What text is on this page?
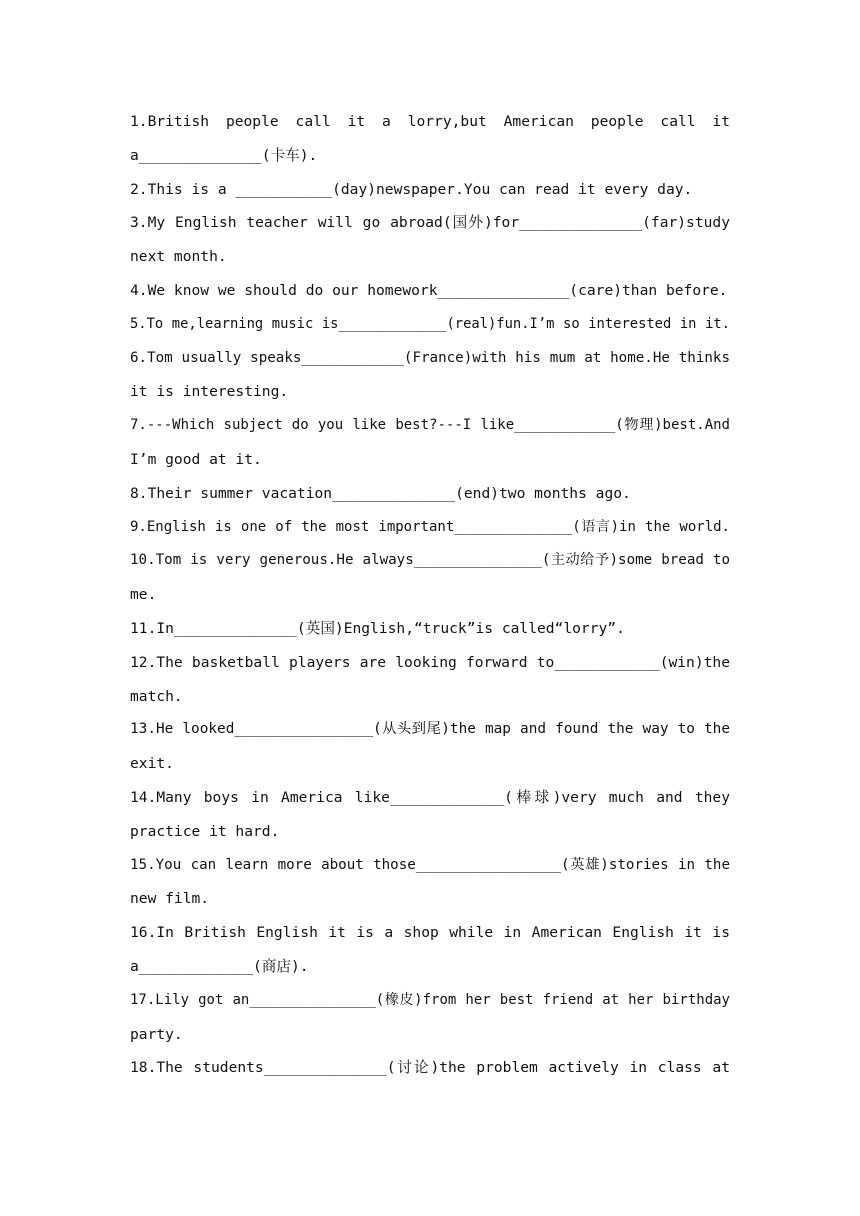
1.British people call it a lorry,but American people call it
a______________(卡车).
2.This is a ___________(day)newspaper.You can read it every day.
3.My English teacher will go abroad(国外)for______________(far)study
next month.
4.We know we should do our homework_______________(care)than before.
5.To me,learning music is_____________(real)fun.I’m so interested in it.
6.Tom usually speaks____________(France)with his mum at home.He thinks
it is interesting.
7.---Which subject do you like best?---I like____________(物理)best.And
I’m good at it.
8.Their summer vacation______________(end)two months ago.
9.English is one of the most important______________(语言)in the world.
10.Tom is very generous.He always_______________(主动给予)some bread to
me.
11.In______________(英国)English,“truck”is called“lorry”.
12.The basketball players are looking forward to____________(win)the
match.
13.He looked________________(从头到尾)the map and found the way to the
exit.
14.Many boys in America like_____________(棒球)very much and they
practice it hard.
15.You can learn more about those_________________(英雄)stories in the
new film.
16.In British English it is a shop while in American English it is
a_____________(商店).
17.Lily got an_______________(橡皮)from her best friend at her birthday
party.
18.The students______________(讨论)the problem actively in class at
